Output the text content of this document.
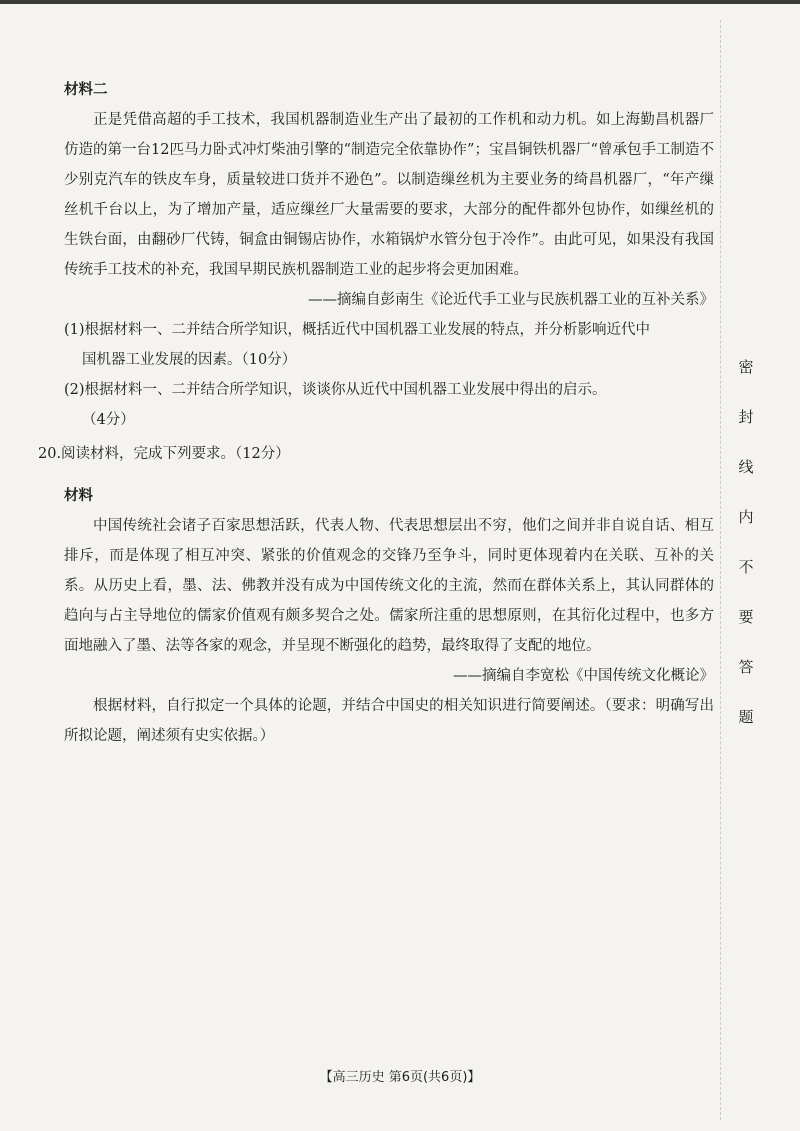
材料二

正是凭借高超的手工技术，我国机器制造业生产出了最初的工作机和动力机。如上海勤昌机器厂仿造的第一台12匹马力卧式冲灯柴油引擎的“制造完全依靠协作”；宝昌铜铁机器厂“曾承包手工制造不少别克汽车的铁皮车身，质量较进口货并不逊色”。以制造缫丝机为主要业务的绮昌机器厂，“年产缫丝机千台以上，为了增加产量，适应缫丝厂大量需要的要求，大部分的配件都外包协作，如缫丝机的生铁台面，由翻砂厂代铸，铜盒由铜锡店协作，水箱锅炉水管分包于冷作”。由此可见，如果没有我国传统手工技术的补充，我国早期民族机器制造工业的起步将会更加困难。

——摘编自彭南生《论近代手工业与民族机器工业的互补关系》

(1)根据材料一、二并结合所学知识，概括近代中国机器工业发展的特点，并分析影响近代中
国机器工业发展的因素。（10分）
(2)根据材料一、二并结合所学知识，谈谈你从近代中国机器工业发展中得出的启示。
（4分）

20.阅读材料，完成下列要求。（12分）

材料

中国传统社会诸子百家思想活跃，代表人物、代表思想层出不穷，他们之间并非自说自话、相互排斥，而是体现了相互冲突、紧张的价值观念的交锋乃至争斗，同时更体现着内在关联、互补的关系。从历史上看，墨、法、佛教并没有成为中国传统文化的主流，然而在群体关系上，其认同群体的趋向与占主导地位的儒家价值观有颇多契合之处。儒家所注重的思想原则，在其衍化过程中，也多方面地融入了墨、法等各家的观念，并呈现不断强化的趋势，最终取得了支配的地位。

——摘编自李宽松《中国传统文化概论》

根据材料，自行拟定一个具体的论题，并结合中国史的相关知识进行简要阐述。（要求：明确写出所拟论题，阐述须有史实依据。）

密
封
线
内
不
要
答
题
【高三历史 第6页(共6页)】
